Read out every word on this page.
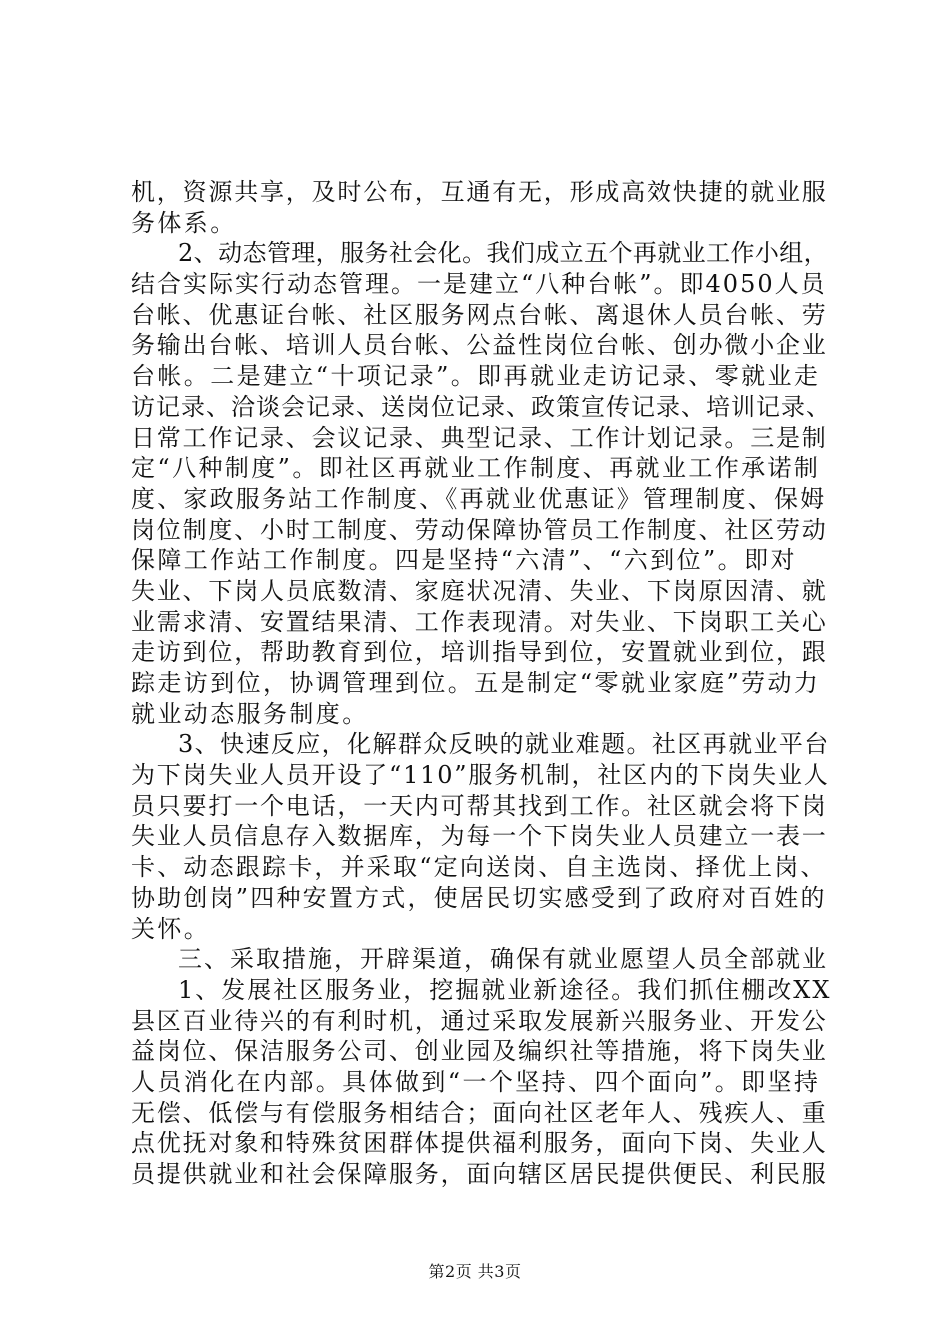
机，资源共享，及时公布，互通有无，形成高效快捷的就业服
务体系。
2、动态管理，服务社会化。我们成立五个再就业工作小组，
结合实际实行动态管理。一是建立“八种台帐”。即4050人员
台帐、优惠证台帐、社区服务网点台帐、离退休人员台帐、劳
务输出台帐、培训人员台帐、公益性岗位台帐、创办微小企业
台帐。二是建立“十项记录”。即再就业走访记录、零就业走
访记录、洽谈会记录、送岗位记录、政策宣传记录、培训记录、
日常工作记录、会议记录、典型记录、工作计划记录。三是制
定“八种制度”。即社区再就业工作制度、再就业工作承诺制
度、家政服务站工作制度、《再就业优惠证》管理制度、保姆
岗位制度、小时工制度、劳动保障协管员工作制度、社区劳动
保障工作站工作制度。四是坚持“六清”、“六到位”。即对
失业、下岗人员底数清、家庭状况清、失业、下岗原因清、就
业需求清、安置结果清、工作表现清。对失业、下岗职工关心
走访到位，帮助教育到位，培训指导到位，安置就业到位，跟
踪走访到位，协调管理到位。五是制定“零就业家庭”劳动力
就业动态服务制度。
3、快速反应，化解群众反映的就业难题。社区再就业平台
为下岗失业人员开设了“110”服务机制，社区内的下岗失业人
员只要打一个电话，一天内可帮其找到工作。社区就会将下岗
失业人员信息存入数据库，为每一个下岗失业人员建立一表一
卡、动态跟踪卡，并采取“定向送岗、自主选岗、择优上岗、
协助创岗”四种安置方式，使居民切实感受到了政府对百姓的
关怀。
三、采取措施，开辟渠道，确保有就业愿望人员全部就业
1、发展社区服务业，挖掘就业新途径。我们抓住棚改XX
县区百业待兴的有利时机，通过采取发展新兴服务业、开发公
益岗位、保洁服务公司、创业园及编织社等措施，将下岗失业
人员消化在内部。具体做到“一个坚持、四个面向”。即坚持
无偿、低偿与有偿服务相结合；面向社区老年人、残疾人、重
点优抚对象和特殊贫困群体提供福利服务，面向下岗、失业人
员提供就业和社会保障服务，面向辖区居民提供便民、利民服
第2页 共3页
